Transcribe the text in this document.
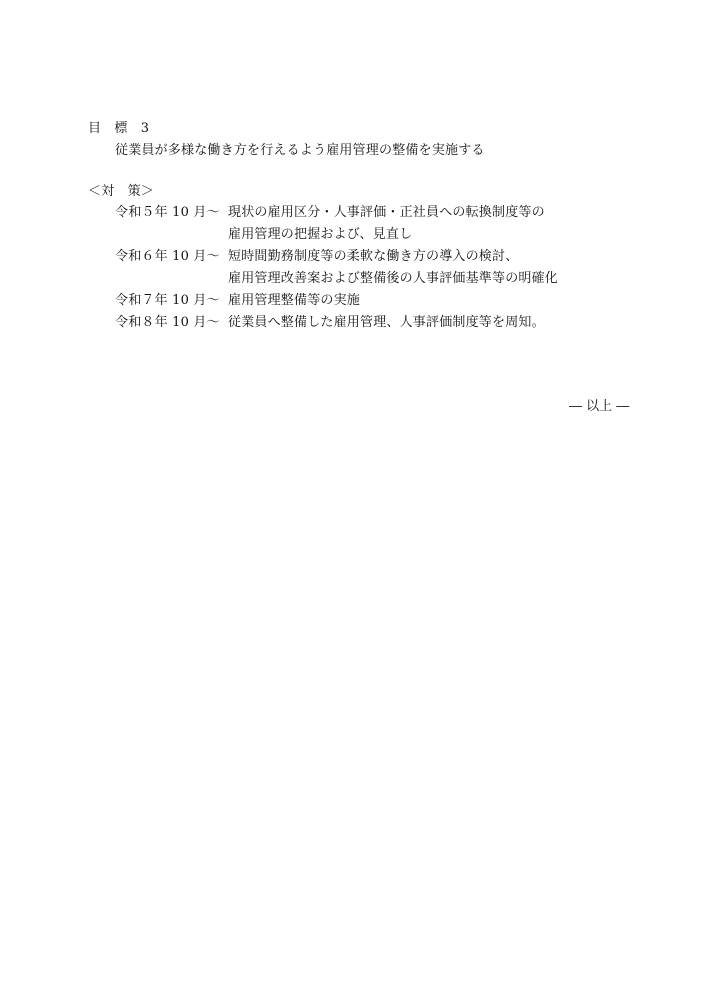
目　標　3
従業員が多様な働き方を行えるよう雇用管理の整備を実施する
＜対　策＞
令和５年 10 月～ 現状の雇用区分・人事評価・正社員への転換制度等の
雇用管理の把握および、見直し
令和６年 10 月～ 短時間勤務制度等の柔軟な働き方の導入の検討、
雇用管理改善案および整備後の人事評価基準等の明確化
令和７年 10 月～ 雇用管理整備等の実施
令和８年 10 月～ 従業員へ整備した雇用管理、人事評価制度等を周知。
― 以上 ―
